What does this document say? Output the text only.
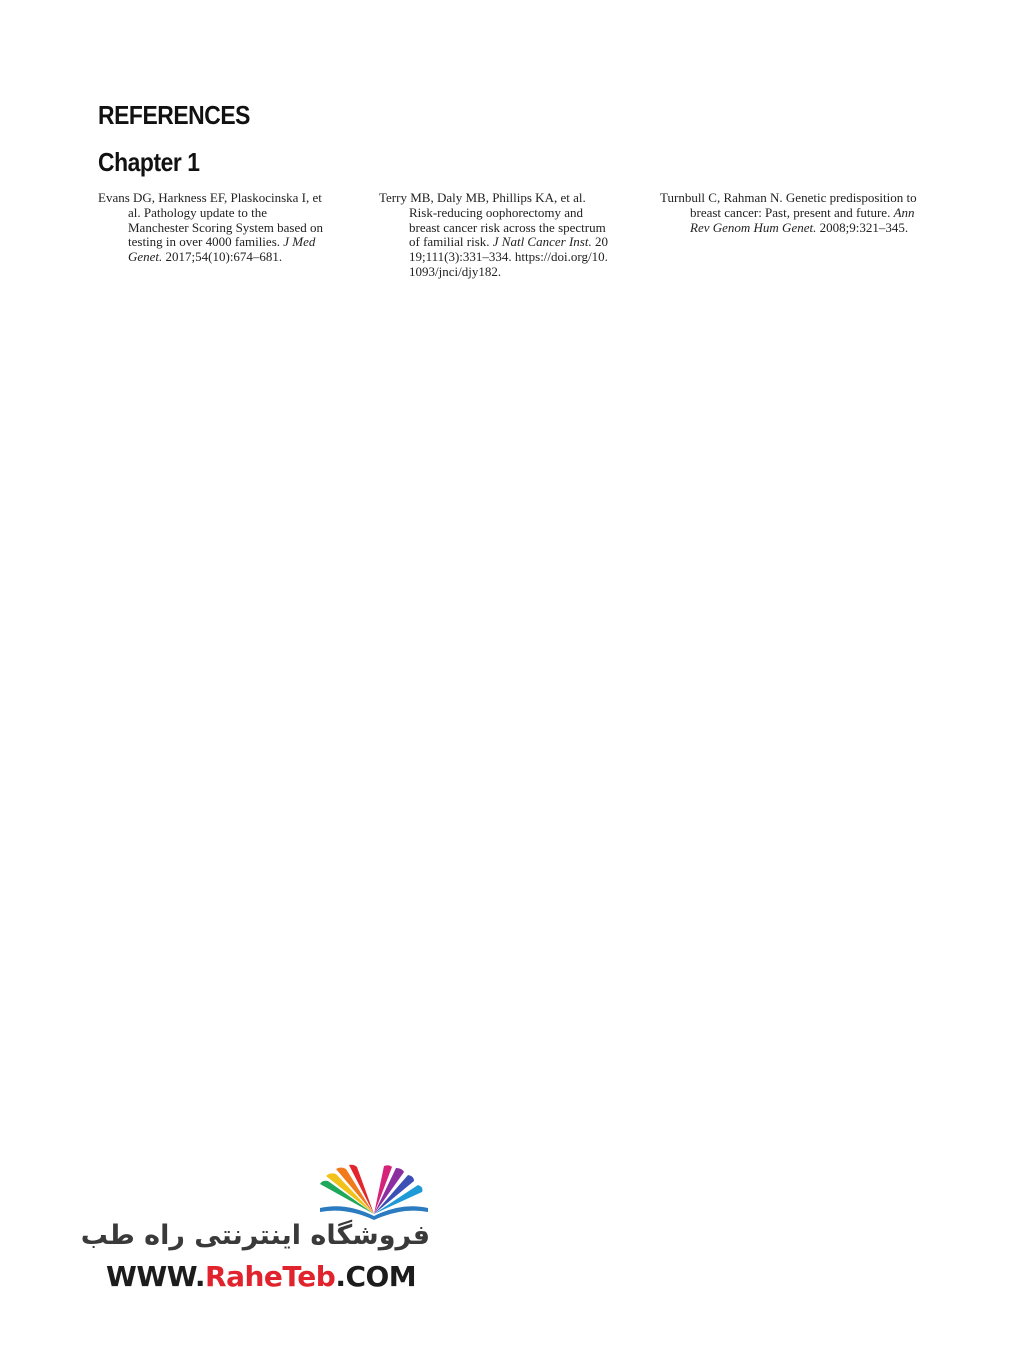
REFERENCES
Chapter 1

Evans DG, Harkness EF, Plaskocinska I, et al. Pathology update to the Manchester Scoring System based on testing in over 4000 families. J Med Genet. 2017;54(10):674–681.

Terry MB, Daly MB, Phillips KA, et al. Risk-reducing oophorectomy and breast cancer risk across the spectrum of familial risk. J Natl Cancer Inst. 2019;111(3):331–334. https://doi.org/10.1093/jnci/djy182.

Turnbull C, Rahman N. Genetic predisposition to breast cancer: Past, present and future. Ann Rev Genom Hum Genet. 2008;9:321–345.

فروشگاه اینترنتی راه طب
WWW.RaheTeb.COM
